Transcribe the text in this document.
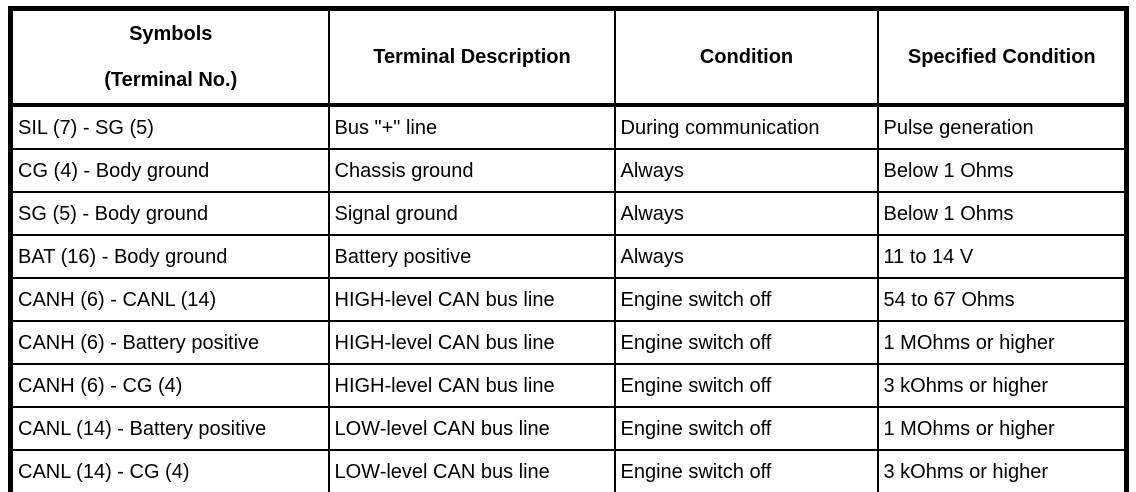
Symbols
(Terminal No.)	Terminal Description	Condition	Specified Condition
SIL (7) - SG (5)	Bus "+" line	During communication	Pulse generation
CG (4) - Body ground	Chassis ground	Always	Below 1 Ohms
SG (5) - Body ground	Signal ground	Always	Below 1 Ohms
BAT (16) - Body ground	Battery positive	Always	11 to 14 V
CANH (6) - CANL (14)	HIGH-level CAN bus line	Engine switch off	54 to 67 Ohms
CANH (6) - Battery positive	HIGH-level CAN bus line	Engine switch off	1 MOhms or higher
CANH (6) - CG (4)	HIGH-level CAN bus line	Engine switch off	3 kOhms or higher
CANL (14) - Battery positive	LOW-level CAN bus line	Engine switch off	1 MOhms or higher
CANL (14) - CG (4)	LOW-level CAN bus line	Engine switch off	3 kOhms or higher
